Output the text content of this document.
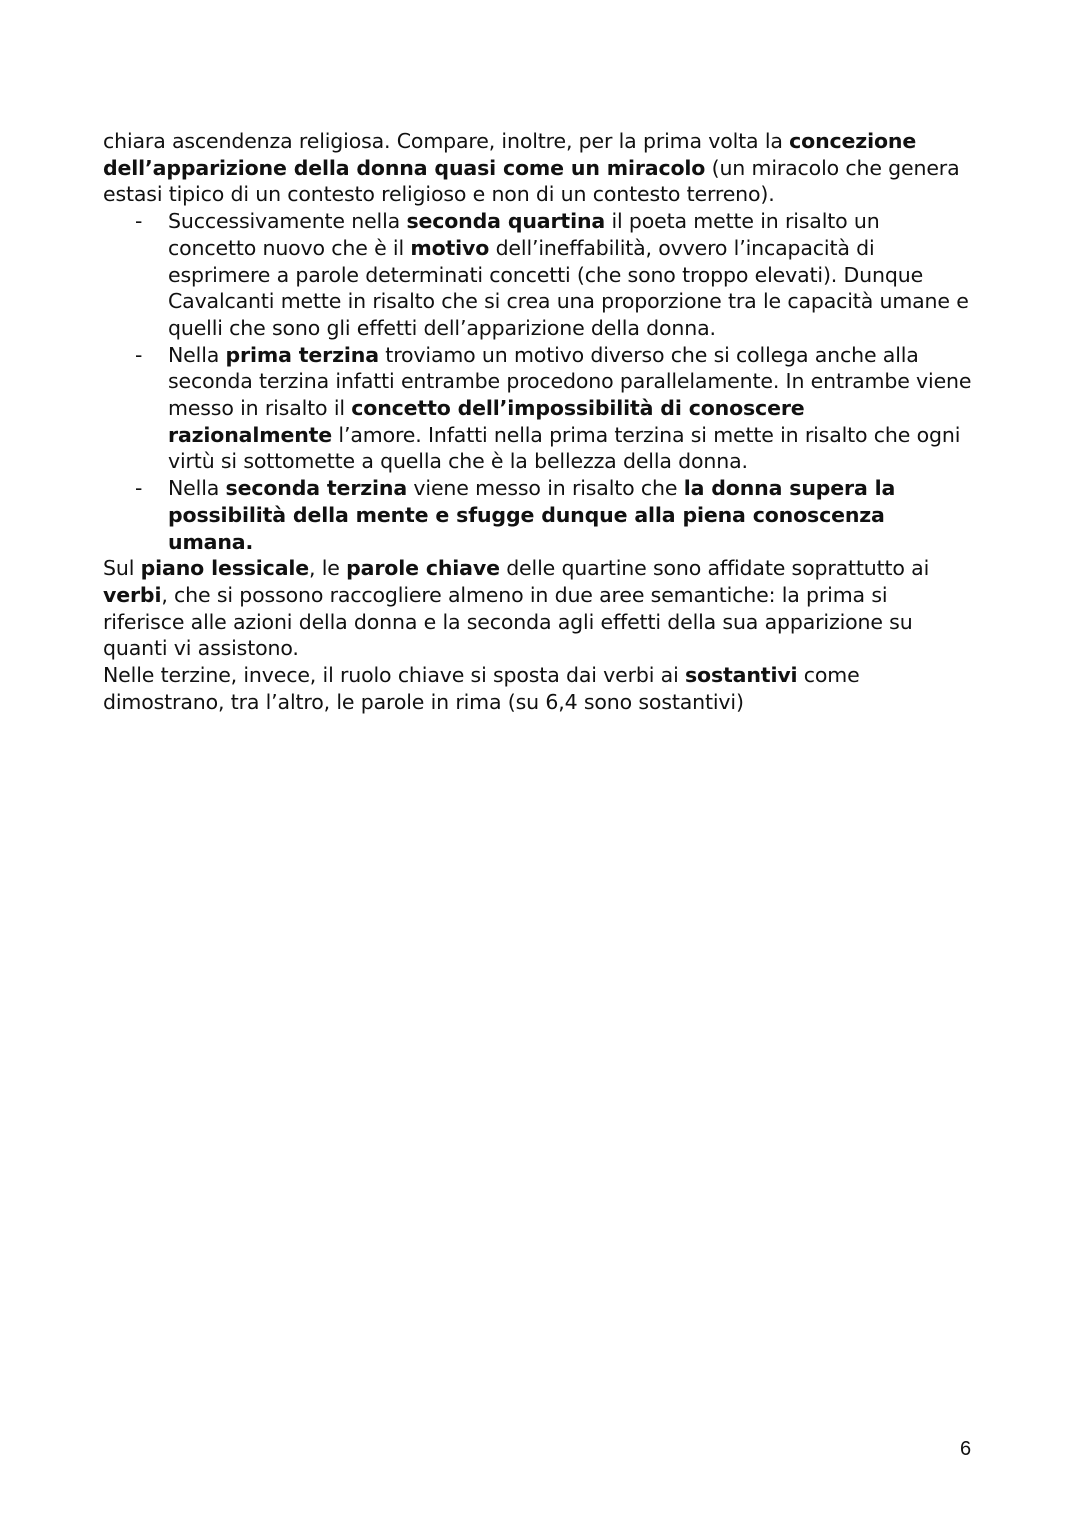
chiara ascendenza religiosa. Compare, inoltre, per la prima volta la concezione dell’apparizione della donna quasi come un miracolo (un miracolo che genera estasi tipico di un contesto religioso e non di un contesto terreno).

- Successivamente nella seconda quartina il poeta mette in risalto un concetto nuovo che è il motivo dell’ineffabilità, ovvero l’incapacità di esprimere a parole determinati concetti (che sono troppo elevati). Dunque Cavalcanti mette in risalto che si crea una proporzione tra le capacità umane e quelli che sono gli effetti dell’apparizione della donna.
- Nella prima terzina troviamo un motivo diverso che si collega anche alla seconda terzina infatti entrambe procedono parallelamente. In entrambe viene messo in risalto il concetto dell’impossibilità di conoscere razionalmente l’amore. Infatti nella prima terzina si mette in risalto che ogni virtù si sottomette a quella che è la bellezza della donna.
- Nella seconda terzina viene messo in risalto che la donna supera la possibilità della mente e sfugge dunque alla piena conoscenza umana.

Sul piano lessicale, le parole chiave delle quartine sono affidate soprattutto ai verbi, che si possono raccogliere almeno in due aree semantiche: la prima si riferisce alle azioni della donna e la seconda agli effetti della sua apparizione su quanti vi assistono.

Nelle terzine, invece, il ruolo chiave si sposta dai verbi ai sostantivi come dimostrano, tra l’altro, le parole in rima (su 6,4 sono sostantivi)

6
